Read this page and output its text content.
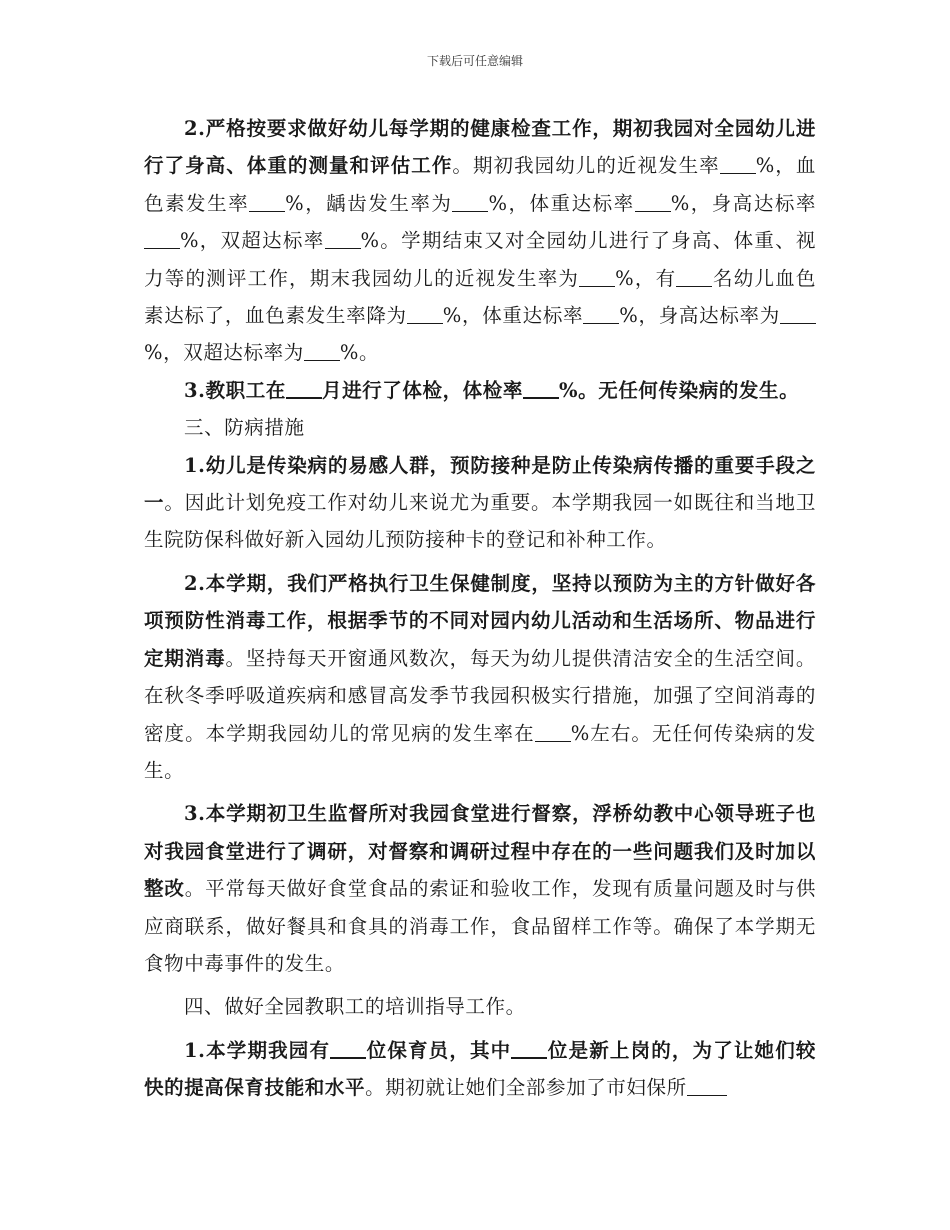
下载后可任意编辑

2.严格按要求做好幼儿每学期的健康检查工作，期初我园对全园幼儿进行了身高、体重的测量和评估工作。期初我园幼儿的近视发生率 %，血色素发生率 %，龋齿发生率为 %，体重达标率 %，身高达标率%，双超达标率 %。学期结束又对全园幼儿进行了身高、体重、视力等的测评工作，期末我园幼儿的近视发生率为 %，有 名幼儿血色素达标了，血色素发生率降为 %，体重达标率 %，身高达标率为%，双超达标率为 %。

3.教职工在 月进行了体检，体检率 %。无任何传染病的发生。

三、防病措施

1.幼儿是传染病的易感人群，预防接种是防止传染病传播的重要手段之一。因此计划免疫工作对幼儿来说尤为重要。本学期我园一如既往和当地卫生院防保科做好新入园幼儿预防接种卡的登记和补种工作。

2.本学期，我们严格执行卫生保健制度，坚持以预防为主的方针做好各项预防性消毒工作，根据季节的不同对园内幼儿活动和生活场所、物品进行定期消毒。坚持每天开窗通风数次，每天为幼儿提供清洁安全的生活空间。在秋冬季呼吸道疾病和感冒高发季节我园积极实行措施，加强了空间消毒的密度。本学期我园幼儿的常见病的发生率在 %左右。无任何传染病的发生。

3.本学期初卫生监督所对我园食堂进行督察，浮桥幼教中心领导班子也对我园食堂进行了调研，对督察和调研过程中存在的一些问题我们及时加以整改。平常每天做好食堂食品的索证和验收工作，发现有质量问题及时与供应商联系，做好餐具和食具的消毒工作，食品留样工作等。确保了本学期无食物中毒事件的发生。

四、做好全园教职工的培训指导工作。

1.本学期我园有 位保育员，其中 位是新上岗的，为了让她们较快的提高保育技能和水平。期初就让她们全部参加了市妇保所
